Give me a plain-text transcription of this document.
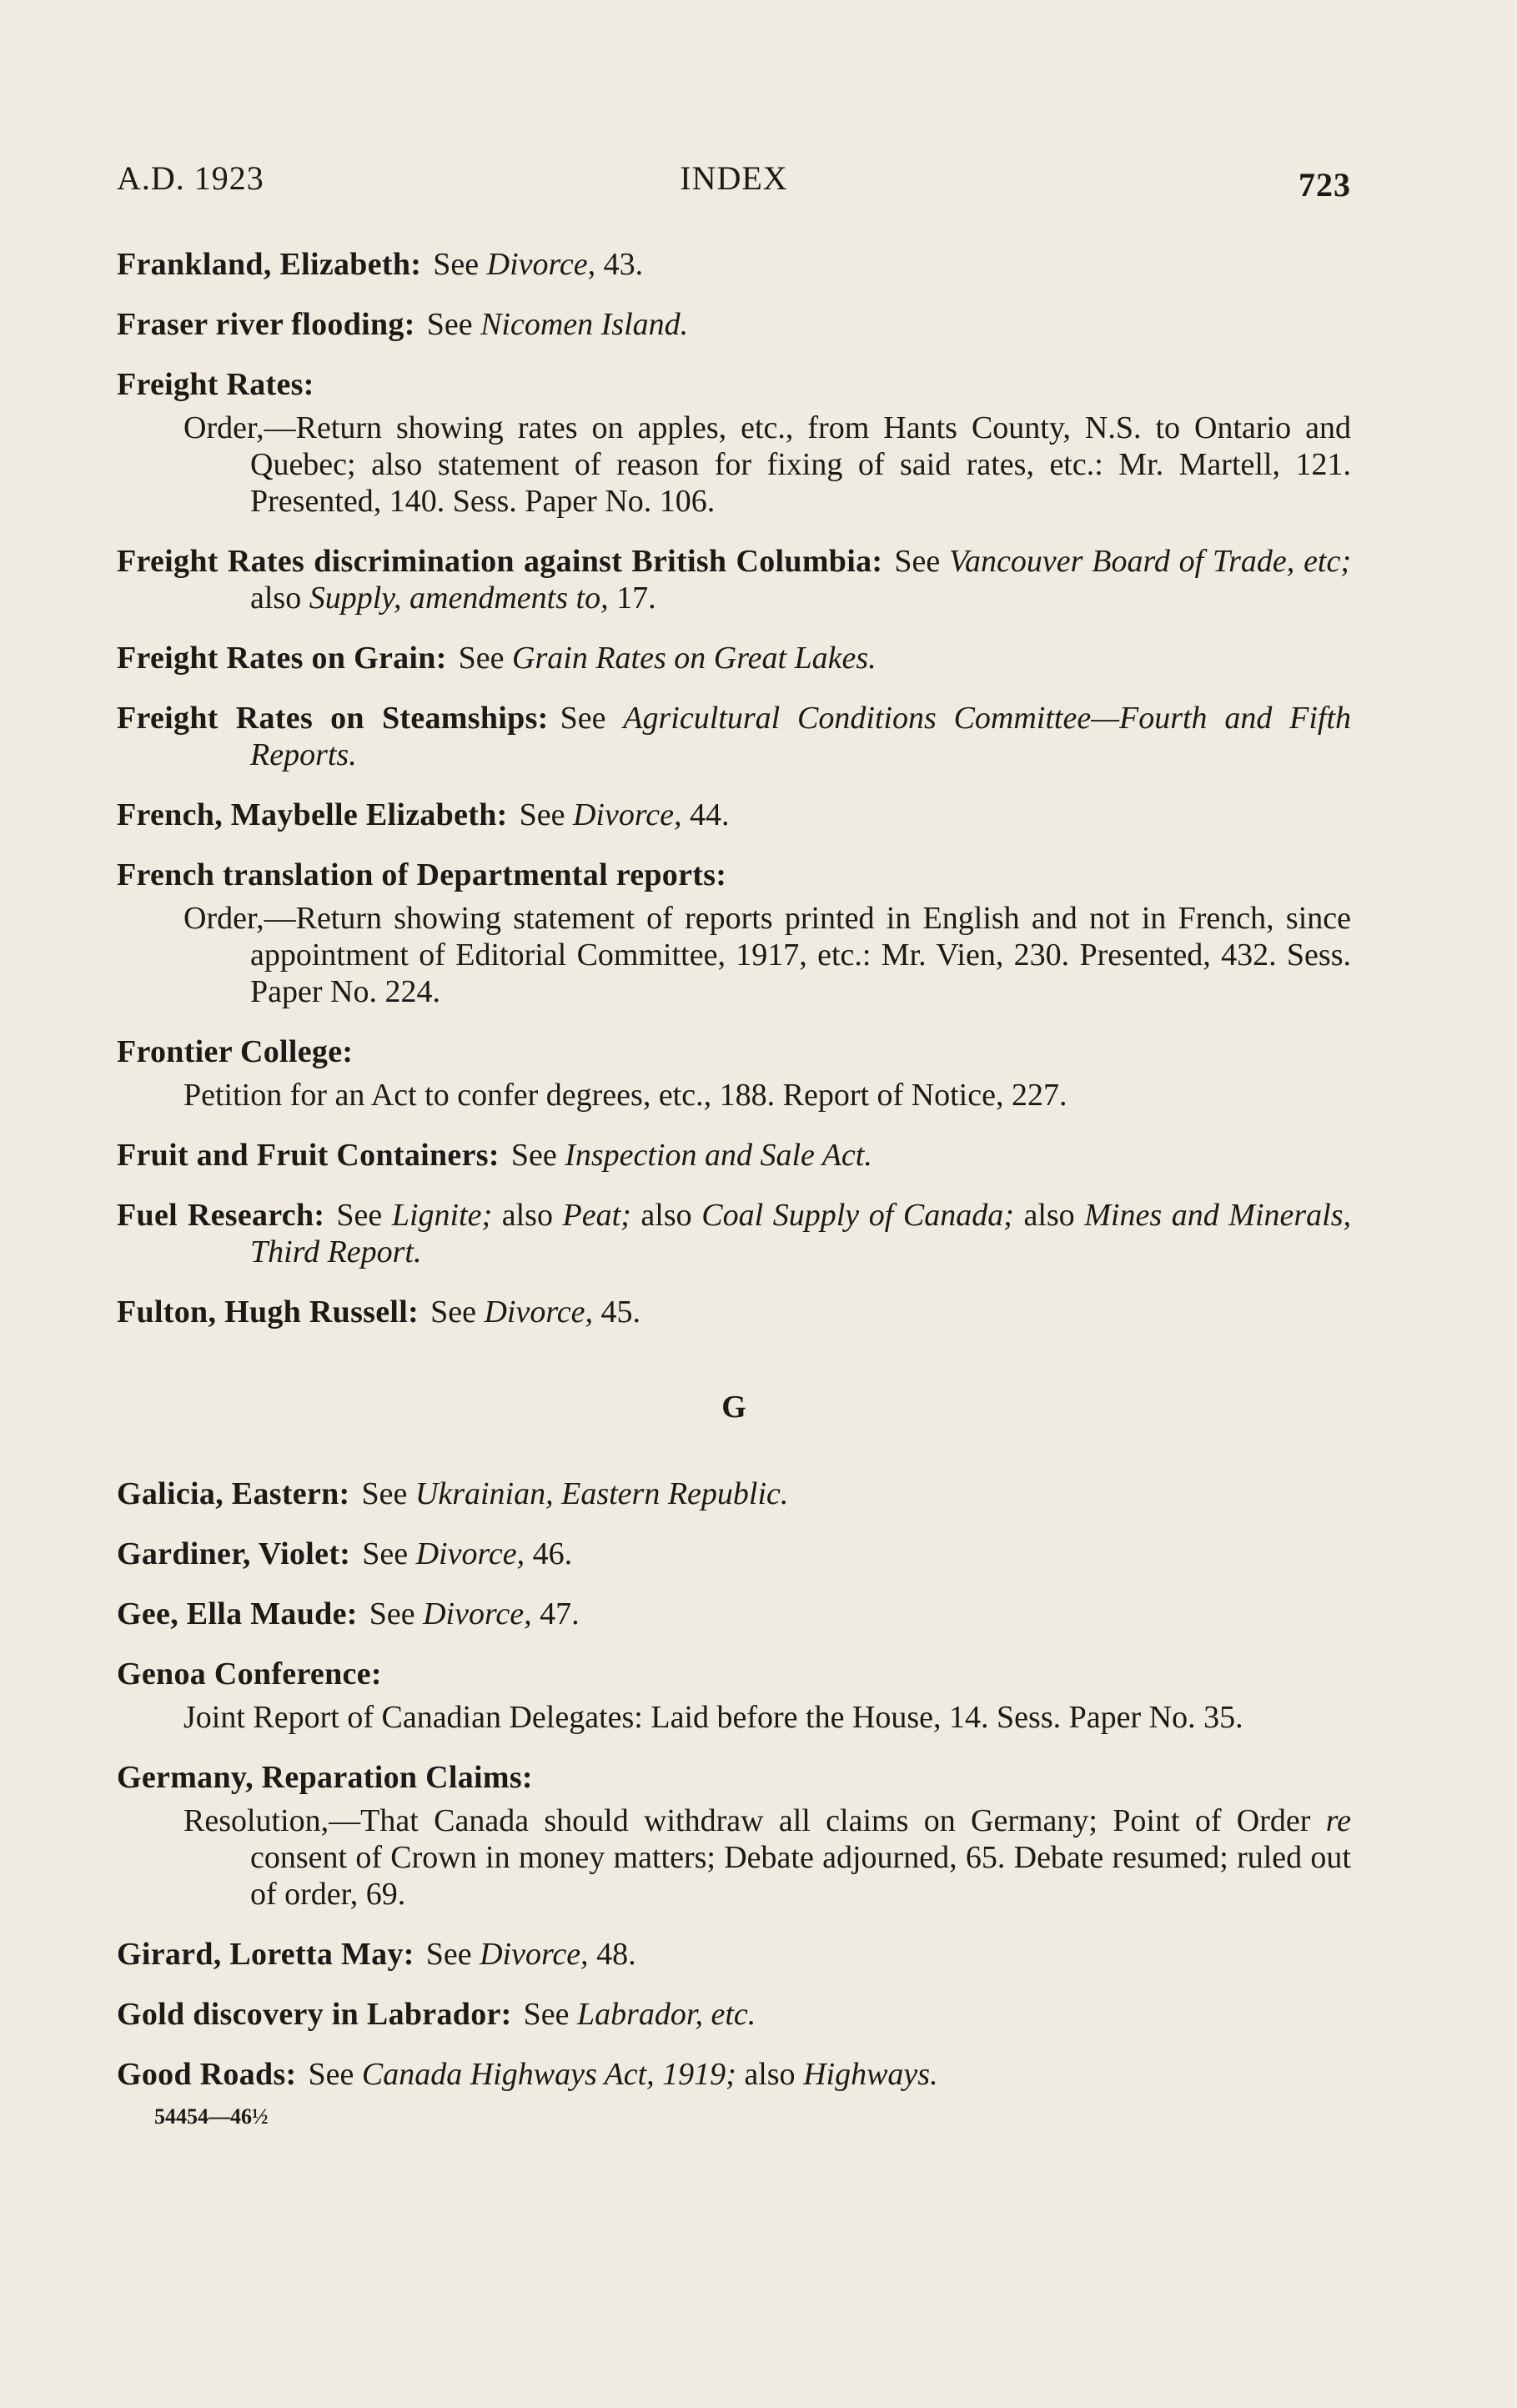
A.D. 1923	INDEX	723
Frankland, Elizabeth: See Divorce, 43.
Fraser river flooding: See Nicomen Island.
Freight Rates:
Order,—Return showing rates on apples, etc., from Hants County, N.S. to Ontario and Quebec; also statement of reason for fixing of said rates, etc.: Mr. Martell, 121. Presented, 140. Sess. Paper No. 106.
Freight Rates discrimination against British Columbia: See Vancouver Board of Trade, etc; also Supply, amendments to, 17.
Freight Rates on Grain: See Grain Rates on Great Lakes.
Freight Rates on Steamships: See Agricultural Conditions Committee—Fourth and Fifth Reports.
French, Maybelle Elizabeth: See Divorce, 44.
French translation of Departmental reports:
Order,—Return showing statement of reports printed in English and not in French, since appointment of Editorial Committee, 1917, etc.: Mr. Vien, 230. Presented, 432. Sess. Paper No. 224.
Frontier College:
Petition for an Act to confer degrees, etc., 188. Report of Notice, 227.
Fruit and Fruit Containers: See Inspection and Sale Act.
Fuel Research: See Lignite; also Peat; also Coal Supply of Canada; also Mines and Minerals, Third Report.
Fulton, Hugh Russell: See Divorce, 45.
G
Galicia, Eastern: See Ukrainian, Eastern Republic.
Gardiner, Violet: See Divorce, 46.
Gee, Ella Maude: See Divorce, 47.
Genoa Conference:
Joint Report of Canadian Delegates: Laid before the House, 14. Sess. Paper No. 35.
Germany, Reparation Claims:
Resolution,—That Canada should withdraw all claims on Germany; Point of Order re consent of Crown in money matters; Debate adjourned, 65. Debate resumed; ruled out of order, 69.
Girard, Loretta May: See Divorce, 48.
Gold discovery in Labrador: See Labrador, etc.
Good Roads: See Canada Highways Act, 1919; also Highways.
54454—46½
